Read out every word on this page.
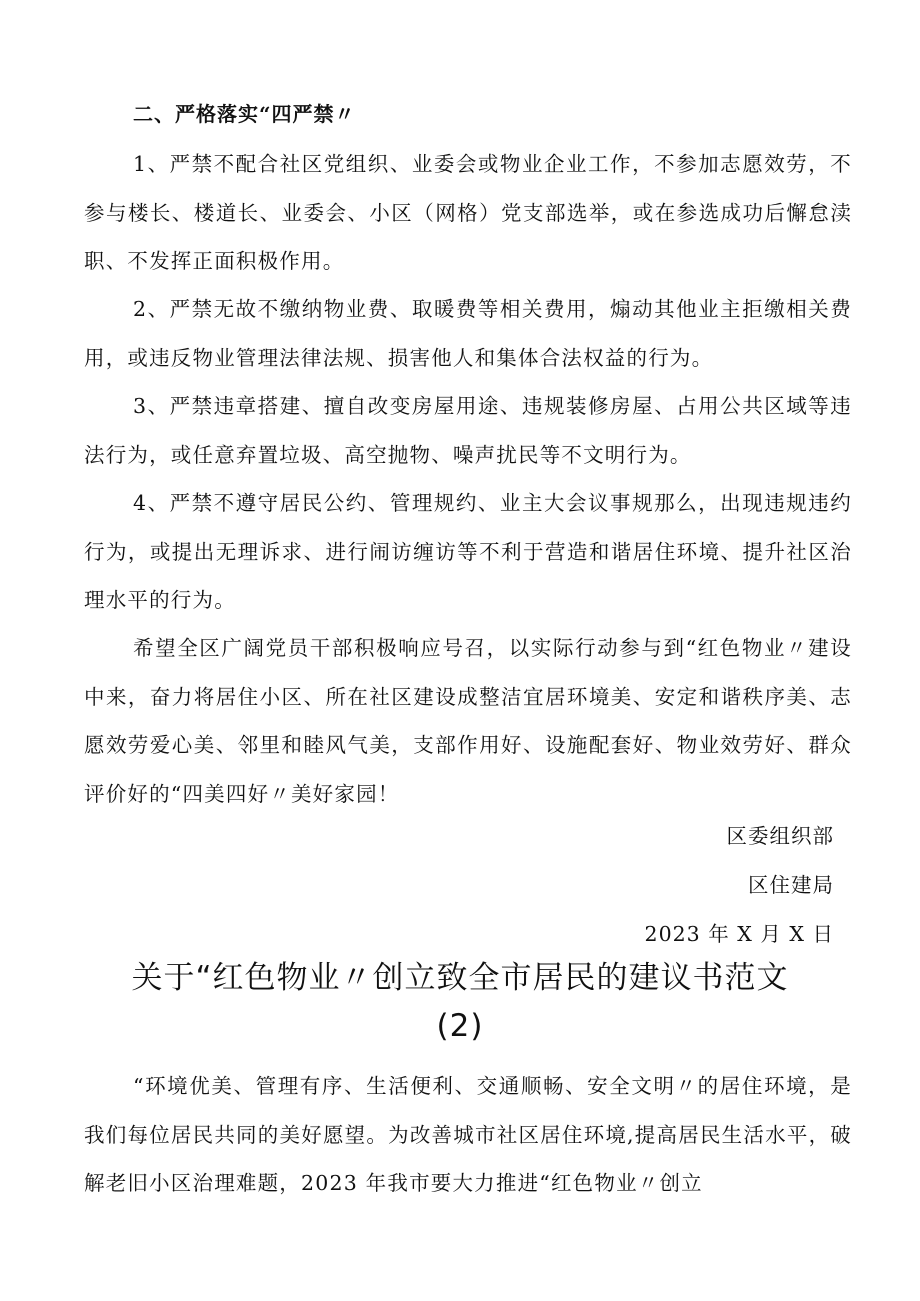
二、严格落实“四严禁〃

1、严禁不配合社区党组织、业委会或物业企业工作，不参加志愿效劳，不参与楼长、楼道长、业委会、小区（网格）党支部选举，或在参选成功后懈怠渎职、不发挥正面积极作用。

2、严禁无故不缴纳物业费、取暖费等相关费用，煽动其他业主拒缴相关费用，或违反物业管理法律法规、损害他人和集体合法权益的行为。

3、严禁违章搭建、擅自改变房屋用途、违规装修房屋、占用公共区域等违法行为，或任意弃置垃圾、高空抛物、噪声扰民等不文明行为。

4、严禁不遵守居民公约、管理规约、业主大会议事规那么，出现违规违约行为，或提出无理诉求、进行闹访缠访等不利于营造和谐居住环境、提升社区治理水平的行为。

希望全区广阔党员干部积极响应号召，以实际行动参与到“红色物业〃建设中来，奋力将居住小区、所在社区建设成整洁宜居环境美、安定和谐秩序美、志愿效劳爱心美、邻里和睦风气美，支部作用好、设施配套好、物业效劳好、群众评价好的“四美四好〃美好家园！

区委组织部
区住建局
2023 年 X 月 X 日
关于“红色物业〃创立致全市居民的建议书范文
(2)

“环境优美、管理有序、生活便利、交通顺畅、安全文明〃的居住环境，是我们每位居民共同的美好愿望。为改善城市社区居住环境,提高居民生活水平，破解老旧小区治理难题，2023 年我市要大力推进“红色物业〃创立
